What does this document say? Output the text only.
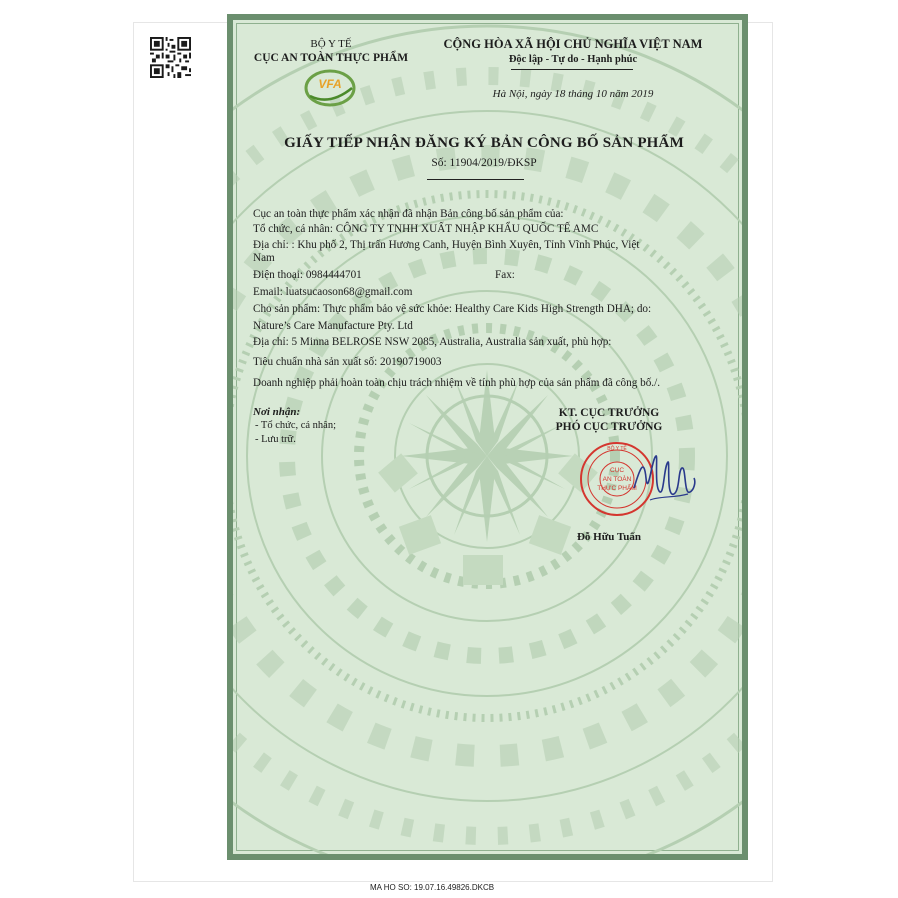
BỘ Y TẾ
CỤC AN TOÀN THỰC PHẨM
VFA
CỘNG HÒA XÃ HỘI CHỦ NGHĨA VIỆT NAM
Độc lập - Tự do - Hạnh phúc
Hà Nội, ngày 18 tháng 10 năm 2019
GIẤY TIẾP NHẬN ĐĂNG KÝ BẢN CÔNG BỐ SẢN PHẨM
Số: 11904/2019/ĐKSP
Cục an toàn thực phẩm xác nhận đã nhận Bản công bố sản phẩm của:
Tổ chức, cá nhân: CÔNG TY TNHH XUẤT NHẬP KHẨU QUỐC TẾ AMC
Địa chỉ: : Khu phố 2, Thị trấn Hương Canh, Huyện Bình Xuyên, Tỉnh Vĩnh Phúc, Việt
Nam
Điện thoại: 0984444701	Fax:
Email: luatsucaoson68@gmail.com
Cho sản phẩm: Thực phẩm bảo vệ sức khỏe: Healthy Care Kids High Strength DHA; do:
Nature’s Care Manufacture Pty. Ltd
Địa chỉ: 5 Minna BELROSE NSW 2085, Australia, Australia sản xuất, phù hợp:
Tiêu chuẩn nhà sản xuất số: 20190719003
Doanh nghiệp phải hoàn toàn chịu trách nhiệm về tính phù hợp của sản phẩm đã công bố./.
Nơi nhận:
- Tổ chức, cá nhân;
- Lưu trữ.
KT. CỤC TRƯỞNG
PHÓ CỤC TRƯỞNG
BỘ Y TẾ
CỤC
AN TOÀN
THỰC PHẨM
Đỗ Hữu Tuấn
MA HO SO: 19.07.16.49826.DKCB
